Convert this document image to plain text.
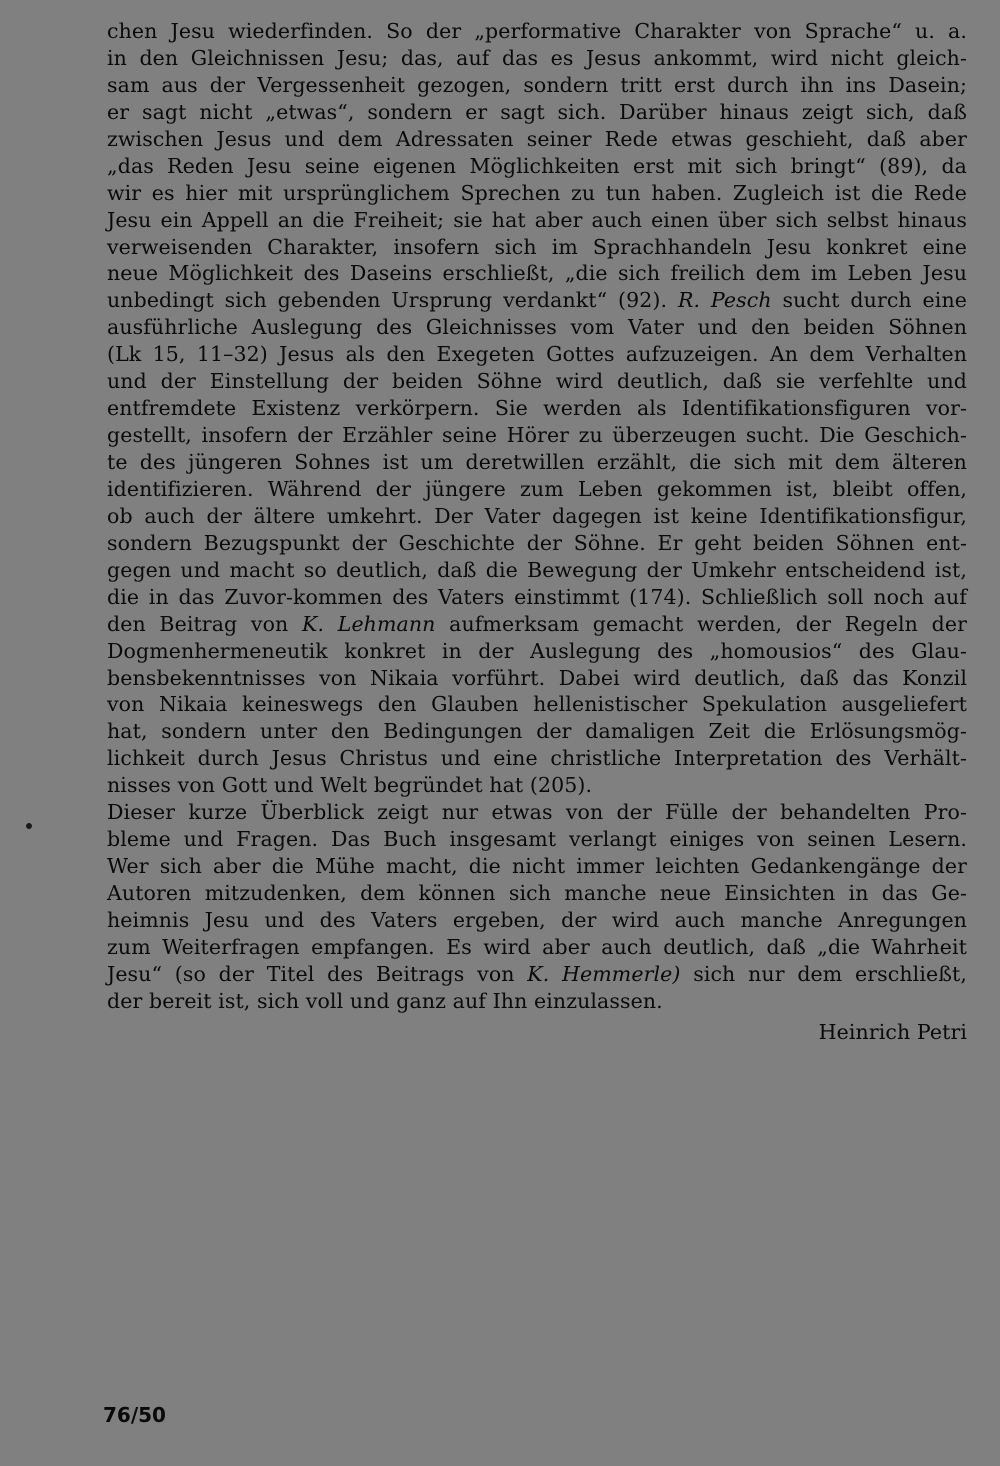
chen Jesu wiederfinden. So der „performative Charakter von Sprache“ u. a.
in den Gleichnissen Jesu; das, auf das es Jesus ankommt, wird nicht gleich-
sam aus der Vergessenheit gezogen, sondern tritt erst durch ihn ins Dasein;
er sagt nicht „etwas“, sondern er sagt sich. Darüber hinaus zeigt sich, daß
zwischen Jesus und dem Adressaten seiner Rede etwas geschieht, daß aber
„das Reden Jesu seine eigenen Möglichkeiten erst mit sich bringt“ (89), da
wir es hier mit ursprünglichem Sprechen zu tun haben. Zugleich ist die Rede
Jesu ein Appell an die Freiheit; sie hat aber auch einen über sich selbst hinaus
verweisenden Charakter, insofern sich im Sprachhandeln Jesu konkret eine
neue Möglichkeit des Daseins erschließt, „die sich freilich dem im Leben Jesu
unbedingt sich gebenden Ursprung verdankt“ (92). R. Pesch sucht durch eine
ausführliche Auslegung des Gleichnisses vom Vater und den beiden Söhnen
(Lk 15, 11–32) Jesus als den Exegeten Gottes aufzuzeigen. An dem Verhalten
und der Einstellung der beiden Söhne wird deutlich, daß sie verfehlte und
entfremdete Existenz verkörpern. Sie werden als Identifikationsfiguren vor-
gestellt, insofern der Erzähler seine Hörer zu überzeugen sucht. Die Geschich-
te des jüngeren Sohnes ist um deretwillen erzählt, die sich mit dem älteren
identifizieren. Während der jüngere zum Leben gekommen ist, bleibt offen,
ob auch der ältere umkehrt. Der Vater dagegen ist keine Identifikationsfigur,
sondern Bezugspunkt der Geschichte der Söhne. Er geht beiden Söhnen ent-
gegen und macht so deutlich, daß die Bewegung der Umkehr entscheidend ist,
die in das Zuvor-kommen des Vaters einstimmt (174). Schließlich soll noch auf
den Beitrag von K. Lehmann aufmerksam gemacht werden, der Regeln der
Dogmenhermeneutik konkret in der Auslegung des „homousios“ des Glau-
bensbekenntnisses von Nikaia vorführt. Dabei wird deutlich, daß das Konzil
von Nikaia keineswegs den Glauben hellenistischer Spekulation ausgeliefert
hat, sondern unter den Bedingungen der damaligen Zeit die Erlösungsmög-
lichkeit durch Jesus Christus und eine christliche Interpretation des Verhält-
nisses von Gott und Welt begründet hat (205).
Dieser kurze Überblick zeigt nur etwas von der Fülle der behandelten Pro-
bleme und Fragen. Das Buch insgesamt verlangt einiges von seinen Lesern.
Wer sich aber die Mühe macht, die nicht immer leichten Gedankengänge der
Autoren mitzudenken, dem können sich manche neue Einsichten in das Ge-
heimnis Jesu und des Vaters ergeben, der wird auch manche Anregungen
zum Weiterfragen empfangen. Es wird aber auch deutlich, daß „die Wahrheit
Jesu“ (so der Titel des Beitrags von K. Hemmerle) sich nur dem erschließt,
der bereit ist, sich voll und ganz auf Ihn einzulassen.
Heinrich Petri
76/50
